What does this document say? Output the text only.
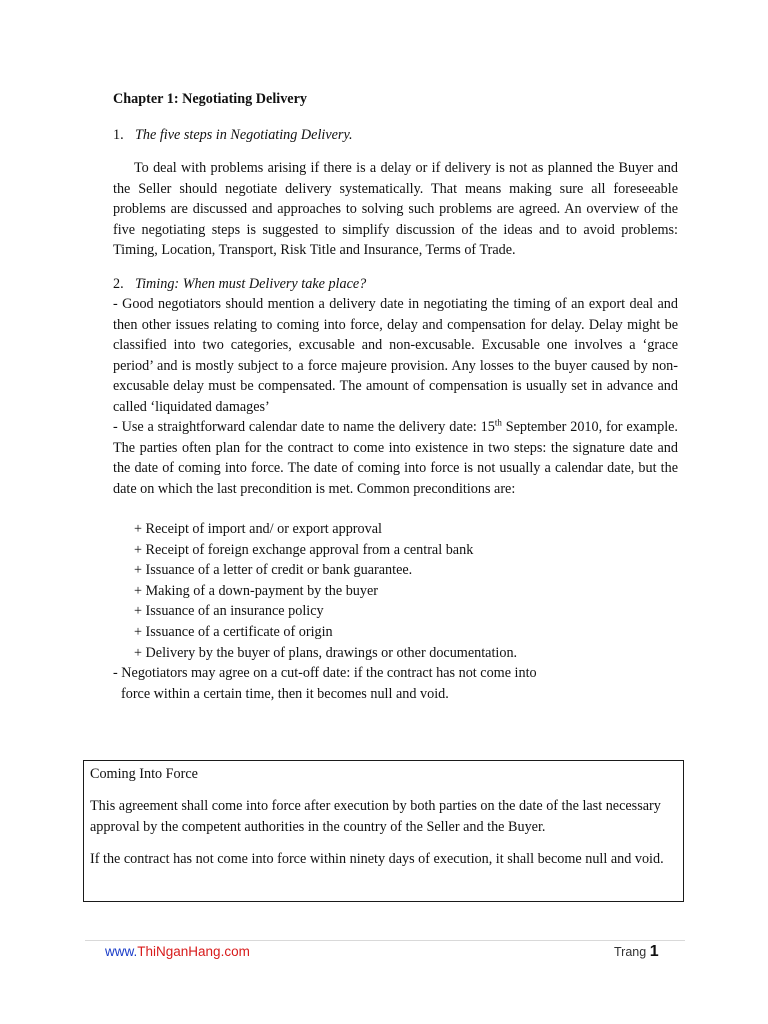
Chapter 1: Negotiating Delivery
1. The five steps in Negotiating Delivery.
To deal with problems arising if there is a delay or if delivery is not as planned the Buyer and the Seller should negotiate delivery systematically. That means making sure all foreseeable problems are discussed and approaches to solving such problems are agreed. An overview of the five negotiating steps is suggested to simplify discussion of the ideas and to avoid problems: Timing, Location, Transport, Risk Title and Insurance, Terms of Trade.
2. Timing: When must Delivery take place?
- Good negotiators should mention a delivery date in negotiating the timing of an export deal and then other issues relating to coming into force, delay and compensation for delay. Delay might be classified into two categories, excusable and non-excusable. Excusable one involves a ‘grace period’ and is mostly subject to a force majeure provision. Any losses to the buyer caused by non-excusable delay must be compensated. The amount of compensation is usually set in advance and called ‘liquidated damages’
- Use a straightforward calendar date to name the delivery date: 15th September 2010, for example. The parties often plan for the contract to come into existence in two steps: the signature date and the date of coming into force. The date of coming into force is not usually a calendar date, but the date on which the last precondition is met. Common preconditions are:
+ Receipt of import and/ or export approval
+ Receipt of foreign exchange approval from a central bank
+ Issuance of a letter of credit or bank guarantee.
+ Making of a down-payment by the buyer
+ Issuance of an insurance policy
+ Issuance of a certificate of origin
+ Delivery by the buyer of plans, drawings or other documentation.
- Negotiators may agree on a cut-off date: if the contract has not come into
force within a certain time, then it becomes null and void.

Coming Into Force

This agreement shall come into force after execution by both parties on the date of the last necessary approval by the competent authorities in the country of the Seller and the Buyer.

If the contract has not come into force within ninety days of execution, it shall become null and void.

www.ThiNganHang.com	Trang 1
